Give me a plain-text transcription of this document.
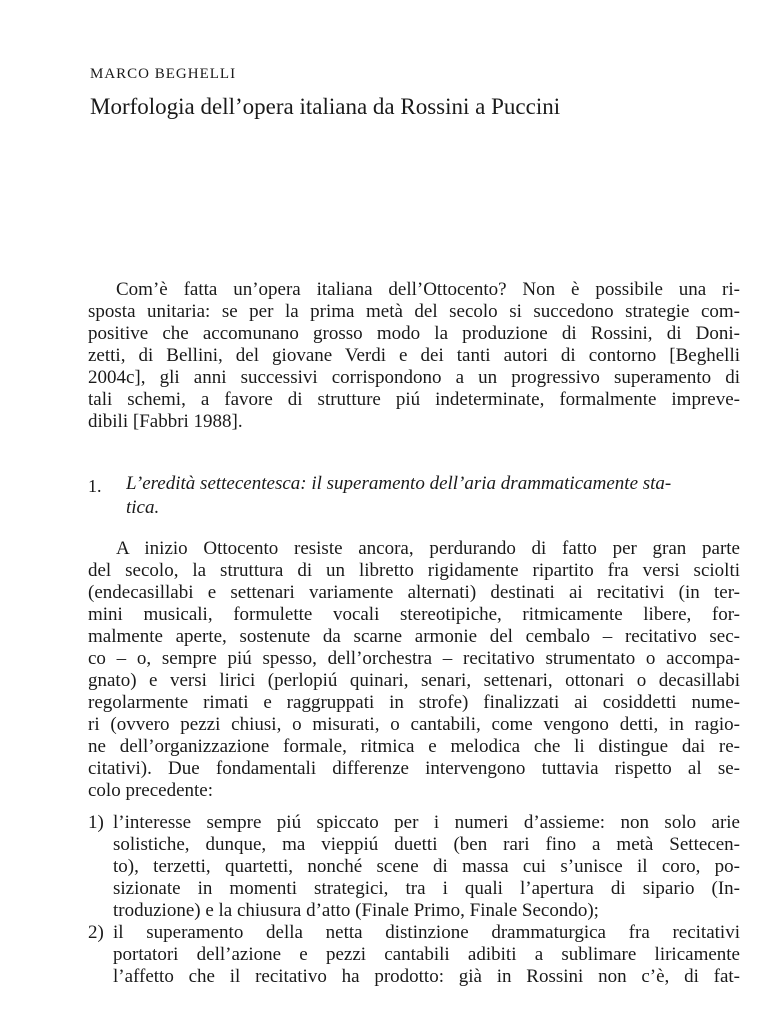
MARCO BEGHELLI
Morfologia dell’opera italiana da Rossini a Puccini
Com’è fatta un’opera italiana dell’Ottocento? Non è possibile una ri-
sposta unitaria: se per la prima metà del secolo si succedono strategie com-
positive che accomunano grosso modo la produzione di Rossini, di Doni-
zetti, di Bellini, del giovane Verdi e dei tanti autori di contorno [Beghelli
2004c], gli anni successivi corrispondono a un progressivo superamento di
tali schemi, a favore di strutture piú indeterminate, formalmente impreve-
dibili [Fabbri 1988].
1. L’eredità settecentesca: il superamento dell’aria drammaticamente sta-
tica.
A inizio Ottocento resiste ancora, perdurando di fatto per gran parte
del secolo, la struttura di un libretto rigidamente ripartito fra versi sciolti
(endecasillabi e settenari variamente alternati) destinati ai recitativi (in ter-
mini musicali, formulette vocali stereotipiche, ritmicamente libere, for-
malmente aperte, sostenute da scarne armonie del cembalo – recitativo sec-
co – o, sempre piú spesso, dell’orchestra – recitativo strumentato o accompa-
gnato) e versi lirici (perlopiú quinari, senari, settenari, ottonari o decasillabi
regolarmente rimati e raggruppati in strofe) finalizzati ai cosiddetti nume-
ri (ovvero pezzi chiusi, o misurati, o cantabili, come vengono detti, in ragio-
ne dell’organizzazione formale, ritmica e melodica che li distingue dai re-
citativi). Due fondamentali differenze intervengono tuttavia rispetto al se-
colo precedente:
1) l’interesse sempre piú spiccato per i numeri d’assieme: non solo arie
solistiche, dunque, ma vieppiú duetti (ben rari fino a metà Settecen-
to), terzetti, quartetti, nonché scene di massa cui s’unisce il coro, po-
sizionate in momenti strategici, tra i quali l’apertura di sipario (In-
troduzione) e la chiusura d’atto (Finale Primo, Finale Secondo);
2) il superamento della netta distinzione drammaturgica fra recitativi
portatori dell’azione e pezzi cantabili adibiti a sublimare liricamente
l’affetto che il recitativo ha prodotto: già in Rossini non c’è, di fat-
